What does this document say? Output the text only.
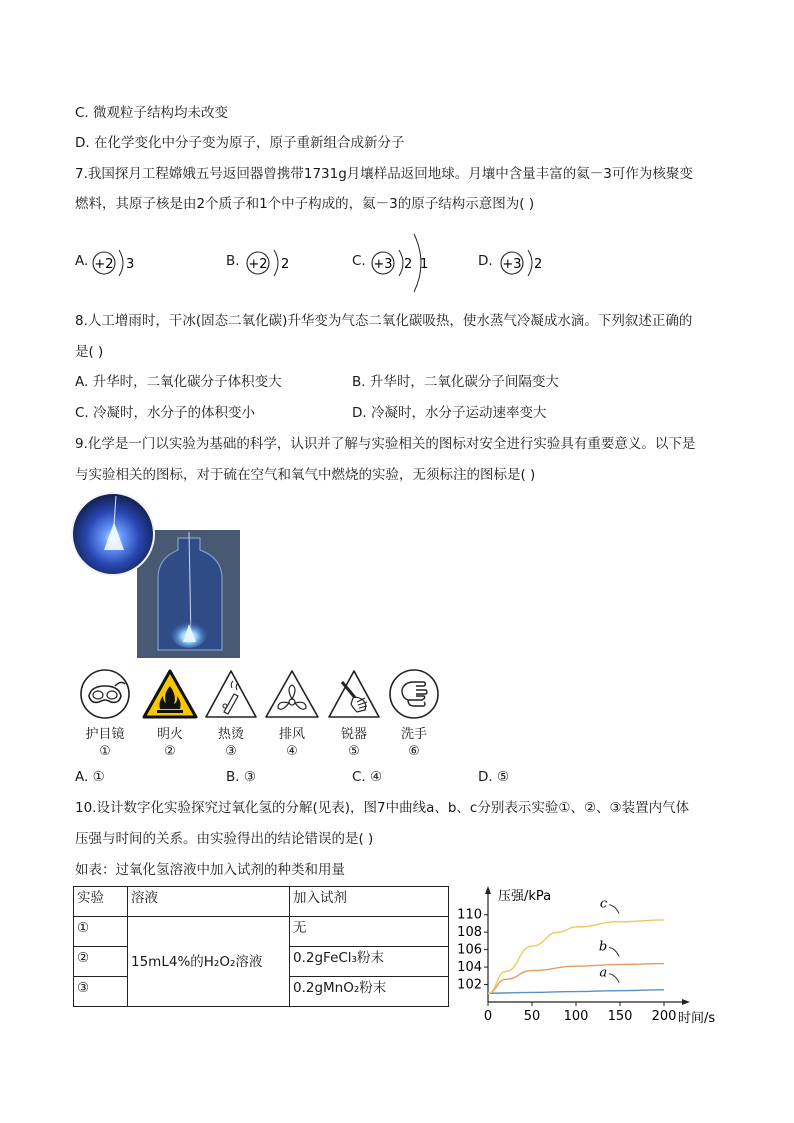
C. 微观粒子结构均未改变
D. 在化学变化中分子变为原子，原子重新组合成新分子
7.我国探月工程嫦娥五号返回器曾携带1731g月壤样品返回地球。月壤中含量丰富的氦－3可作为核聚变
燃料，其原子核是由2个质子和1个中子构成的，氦－3的原子结构示意图为( )
A. +2 3	B. +2 2	C. +3 2 1	D. +3 2
8.人工增雨时，干冰(固态二氧化碳)升华变为气态二氧化碳吸热，使水蒸气冷凝成水滴。下列叙述正确的
是( )
A. 升华时，二氧化碳分子体积变大	B. 升华时，二氧化碳分子间隔变大
C. 冷凝时，水分子的体积变小	D. 冷凝时，水分子运动速率变大
9.化学是一门以实验为基础的科学，认识并了解与实验相关的图标对安全进行实验具有重要意义。以下是
与实验相关的图标，对于硫在空气和氧气中燃烧的实验，无须标注的图标是( )
护目镜
①
明火
②
热烫
③
排风
④
锐器
⑤
洗手
⑥
A. ①	B. ③	C. ④	D. ⑤
10.设计数字化实验探究过氧化氢的分解(见表)，图7中曲线a、b、c分别表示实验①、②、③装置内气体
压强与时间的关系。由实验得出的结论错误的是( )
如表：过氧化氢溶液中加入试剂的种类和用量
实验	溶液	加入试剂
①	15mL4%的H₂O₂溶液	无
②		0.2gFeCl₃粉末
③		0.2gMnO₂粉末
压强/kPa
时间/s
0 50 100 150 200
102
104
106
108
110
a
b
c
